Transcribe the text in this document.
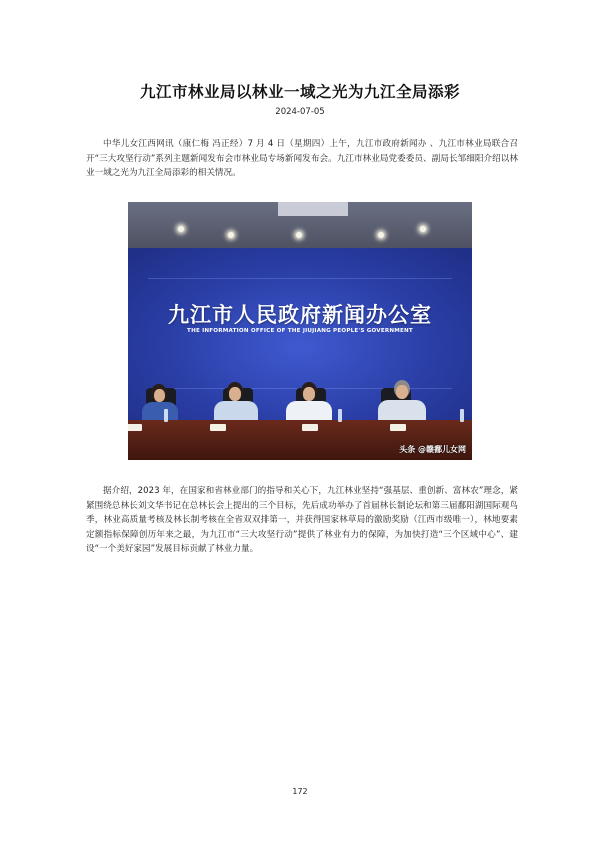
九江市林业局以林业一域之光为九江全局添彩
2024-07-05

中华儿女江西网讯（康仁梅 冯正经）7 月 4 日（星期四）上午，九江市政府新闻办 、九江市林业局联合召开“三大攻坚行动”系列主题新闻发布会市林业局专场新闻发布会。九江市林业局党委委员、副局长邹细阳介绍以林业一域之光为九江全局添彩的相关情况。

九江市人民政府新闻办公室
THE INFORMATION OFFICE OF THE JIUJIANG PEOPLE'S GOVERNMENT
头条 @赣鄱儿女网

据介绍，2023 年，在国家和省林业部门的指导和关心下，九江林业坚持“强基层、重创新、富林农”理念，紧紧围绕总林长刘文华书记在总林长会上提出的三个目标，先后成功举办了首届林长制论坛和第三届鄱阳湖国际观鸟季，林业高质量考核及林长制考核在全省双双排第一，并获得国家林草局的激励奖励（江西市级唯一），林地要素定额指标保障创历年来之最，为九江市“三大攻坚行动”提供了林业有力的保障，为加快打造“三个区域中心”、建设“一个美好家园”发展目标贡献了林业力量。

172
